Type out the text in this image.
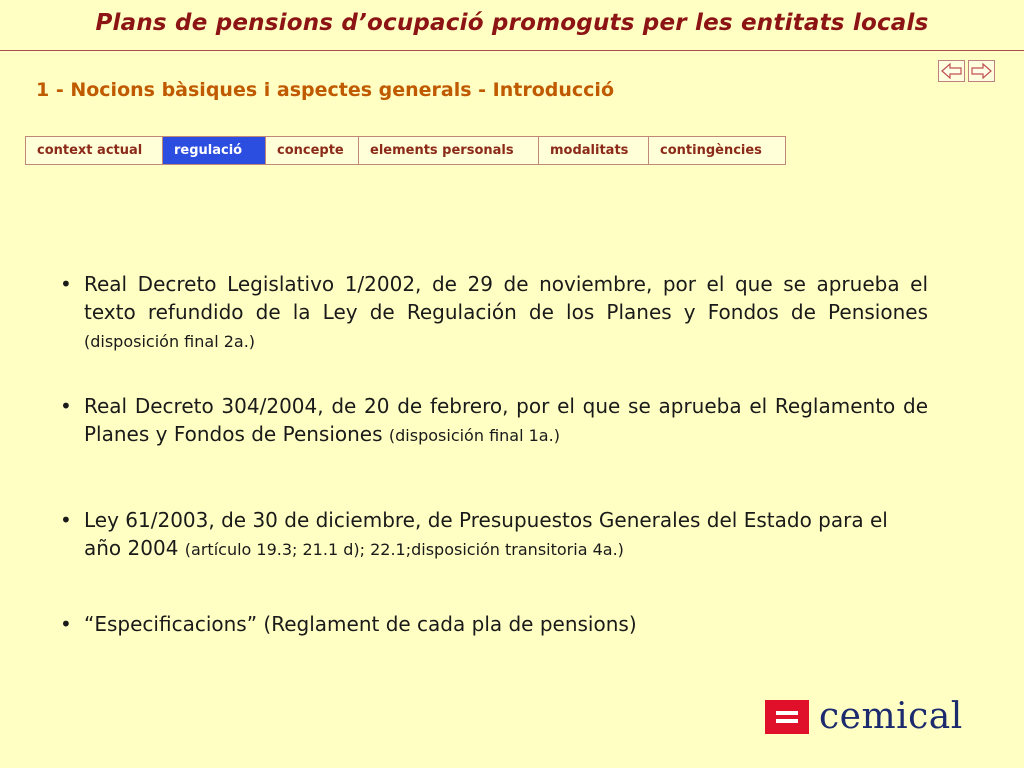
Plans de pensions d’ocupació promoguts per les entitats locals
1 - Nocions bàsiques i aspectes generals - Introducció
context actual	regulació	concepte	elements personals	modalitats	contingències
• Real Decreto Legislativo 1/2002, de 29 de noviembre, por el que se aprueba el texto refundido de la Ley de Regulación de los Planes y Fondos de Pensiones (disposición final 2a.)
• Real Decreto 304/2004, de 20 de febrero, por el que se aprueba el Reglamento de Planes y Fondos de Pensiones (disposición final 1a.)
• Ley 61/2003, de 30 de diciembre, de Presupuestos Generales del Estado para el año 2004 (artículo 19.3; 21.1 d); 22.1;disposición transitoria 4a.)
• “Especificacions” (Reglament de cada pla de pensions)
cemical
